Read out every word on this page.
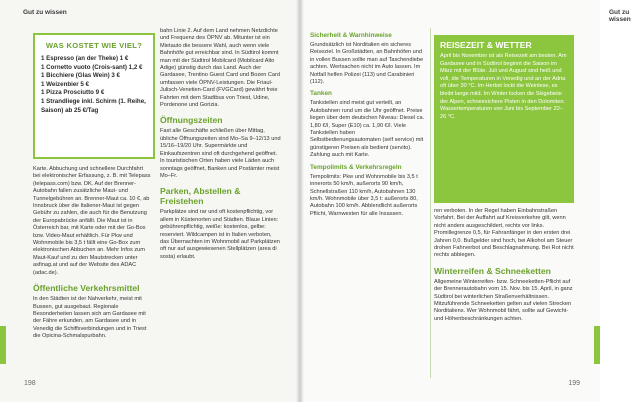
Gut zu wissen
WAS KOSTET WIE VIEL?
1 Espresso (an der Theke) 1 €
1 Cornetto vuoto (Crois-sant) 1,2 €
1 Bicchiere (Glas Wein) 3 €
1 Weizenbier 5 €
1 Pizza Prosciutto 9 €
1 Strandliege inkl. Schirm (1. Reihe, Saison) ab 25 €/Tag

Karte. Abbuchung und schnellere Durchfahrt bei elektronischer Erfassung, z. B. mit Telepass (telepass.com) bzw. DK. Auf der Brenner-Autobahn fallen zusätzliche Maut- und Tunnelgebühren an. Brenner-Maut ca. 10 €, ab Innsbruck über die Italiener-Maut ist gegen Gebühr zu zahlen, die auch für die Benutzung der Europabrücke anfällt. Die Maut ist in Österreich bar, mit Karte oder mit der Go-Box bzw. Video-Maut erhältlich. Für Pkw und Wohnmobile bis 3,5 t fällt eine Go-Box zum elektronischen Abbuchen an. Mehr Infos zum Maut-Kauf und zu den Mautstrecken unter asfinag.at und auf der Website des ADAC (adac.de).

Öffentliche Verkehrsmittel

In den Städten ist der Nahverkehr, meist mit Bussen, gut ausgebaut. Regionale Besonderheiten lassen sich am Gardasee mit der Fähre erkunden, am Gardasee und in Venedig die Schiffsverbindungen und in Triest die Opicina-Schmalspurbahn.

bahn Linie 2. Auf dem Land nehmen Netzdichte und Frequenz des ÖPNV ab. Mitunter ist ein Mietauto die bessere Wahl, auch wenn viele Bahnhöfe gut erreichbar sind. In Südtirol kommt man mit der Südtirol Mobilcard (Mobilcard Alto Adige) günstig durch das Land. Auch der Gardasee, Trentino Guest Card und Bozen Card umfassen viele ÖPNV-Leistungen. Die Friaul-Julisch-Venetien-Card (FVGCard) gewährt freie Fahrten mit dem Stadtbus von Triest, Udine, Pordenone und Gorizia.

Öffnungszeiten

Fast alle Geschäfte schließen über Mittag, übliche Öffnungszeiten sind Mo–Sa 9–12/13 und 15/16–19/20 Uhr. Supermärkte und Einkaufszentren sind oft durchgehend geöffnet. In touristischen Orten haben viele Läden auch sonntags geöffnet, Banken und Postämter meist Mo–Fr.

Parken, Abstellen & Freistehen

Parkplätze sind rar und oft kostenpflichtig, vor allem in Küstenorten und Städten. Blaue Linien: gebührenpflichtig, weiße: kostenlos, gelbe: reserviert. Wildcampen ist in Italien verboten, das Übernachten im Wohnmobil auf Parkplätzen oft nur auf ausgewiesenen Stellplätzen (area di sosta) erlaubt.

198
Gut zu wissen
Sicherheit & Warnhinweise

Grundsätzlich ist Norditalien ein sicheres Reiseziel. In Großstädten, an Bahnhöfen und in vollen Bussen sollte man auf Taschendiebe achten. Wertsachen nicht im Auto lassen. Im Notfall helfen Polizei (113) und Carabinieri (112).

Tanken

Tankstellen sind meist gut verteilt, an Autobahnen rund um die Uhr geöffnet. Preise liegen über dem deutschen Niveau: Diesel ca. 1,80 €/l, Super (E10) ca. 1,90 €/l. Viele Tankstellen haben Selbstbedienungsautomaten (self service) mit günstigeren Preisen als bedient (servito). Zahlung auch mit Karte.

Tempolimits & Verkehrsregeln

Tempolimits: Pkw und Wohnmobile bis 3,5 t innerorts 50 km/h, außerorts 90 km/h, Schnellstraßen 110 km/h, Autobahnen 130 km/h. Wohnmobile über 3,5 t: außerorts 80, Autobahn 100 km/h. Abblendlicht außerorts Pflicht, Warnwesten für alle Insassen.

REISEZEIT & WETTER
April bis November ist als Reisezeit am besten. Am Gardasee und in Südtirol beginnt die Saison im März mit der Blüte. Juli und August sind heiß und voll, die Temperaturen in Venedig und an der Adria oft über 30 °C. Im Herbst lockt die Weinlese, es bleibt lange mild. Im Winter locken die Skigebiete der Alpen, schneesichere Pisten in den Dolomiten. Wassertemperaturen von Juni bis September 22–26 °C.

ren verboten. In der Regel haben Einbahnstraßen Vorfahrt. Bei der Auffahrt auf Kreisverkehre gilt, wenn nicht anders ausgeschildert, rechts vor links. Promillegrenze 0,5, für Fahranfänger in den ersten drei Jahren 0,0. Bußgelder sind hoch, bei Alkohol am Steuer drohen Fahrverbot und Beschlagnahmung. Bei Rot nicht rechts abbiegen.

Winterreifen & Schneeketten

Allgemeine Winterreifen- bzw. Schneeketten-Pflicht auf der Brennerautobahn vom 15. Nov. bis 15. April, in ganz Südtirol bei winterlichen Straßenverhältnissen. Mitzuführende Schneeketten gelten auf vielen Strecken Norditaliens. Wer Wohnmobil fährt, sollte auf Gewicht- und Höhenbeschränkungen achten.

199
